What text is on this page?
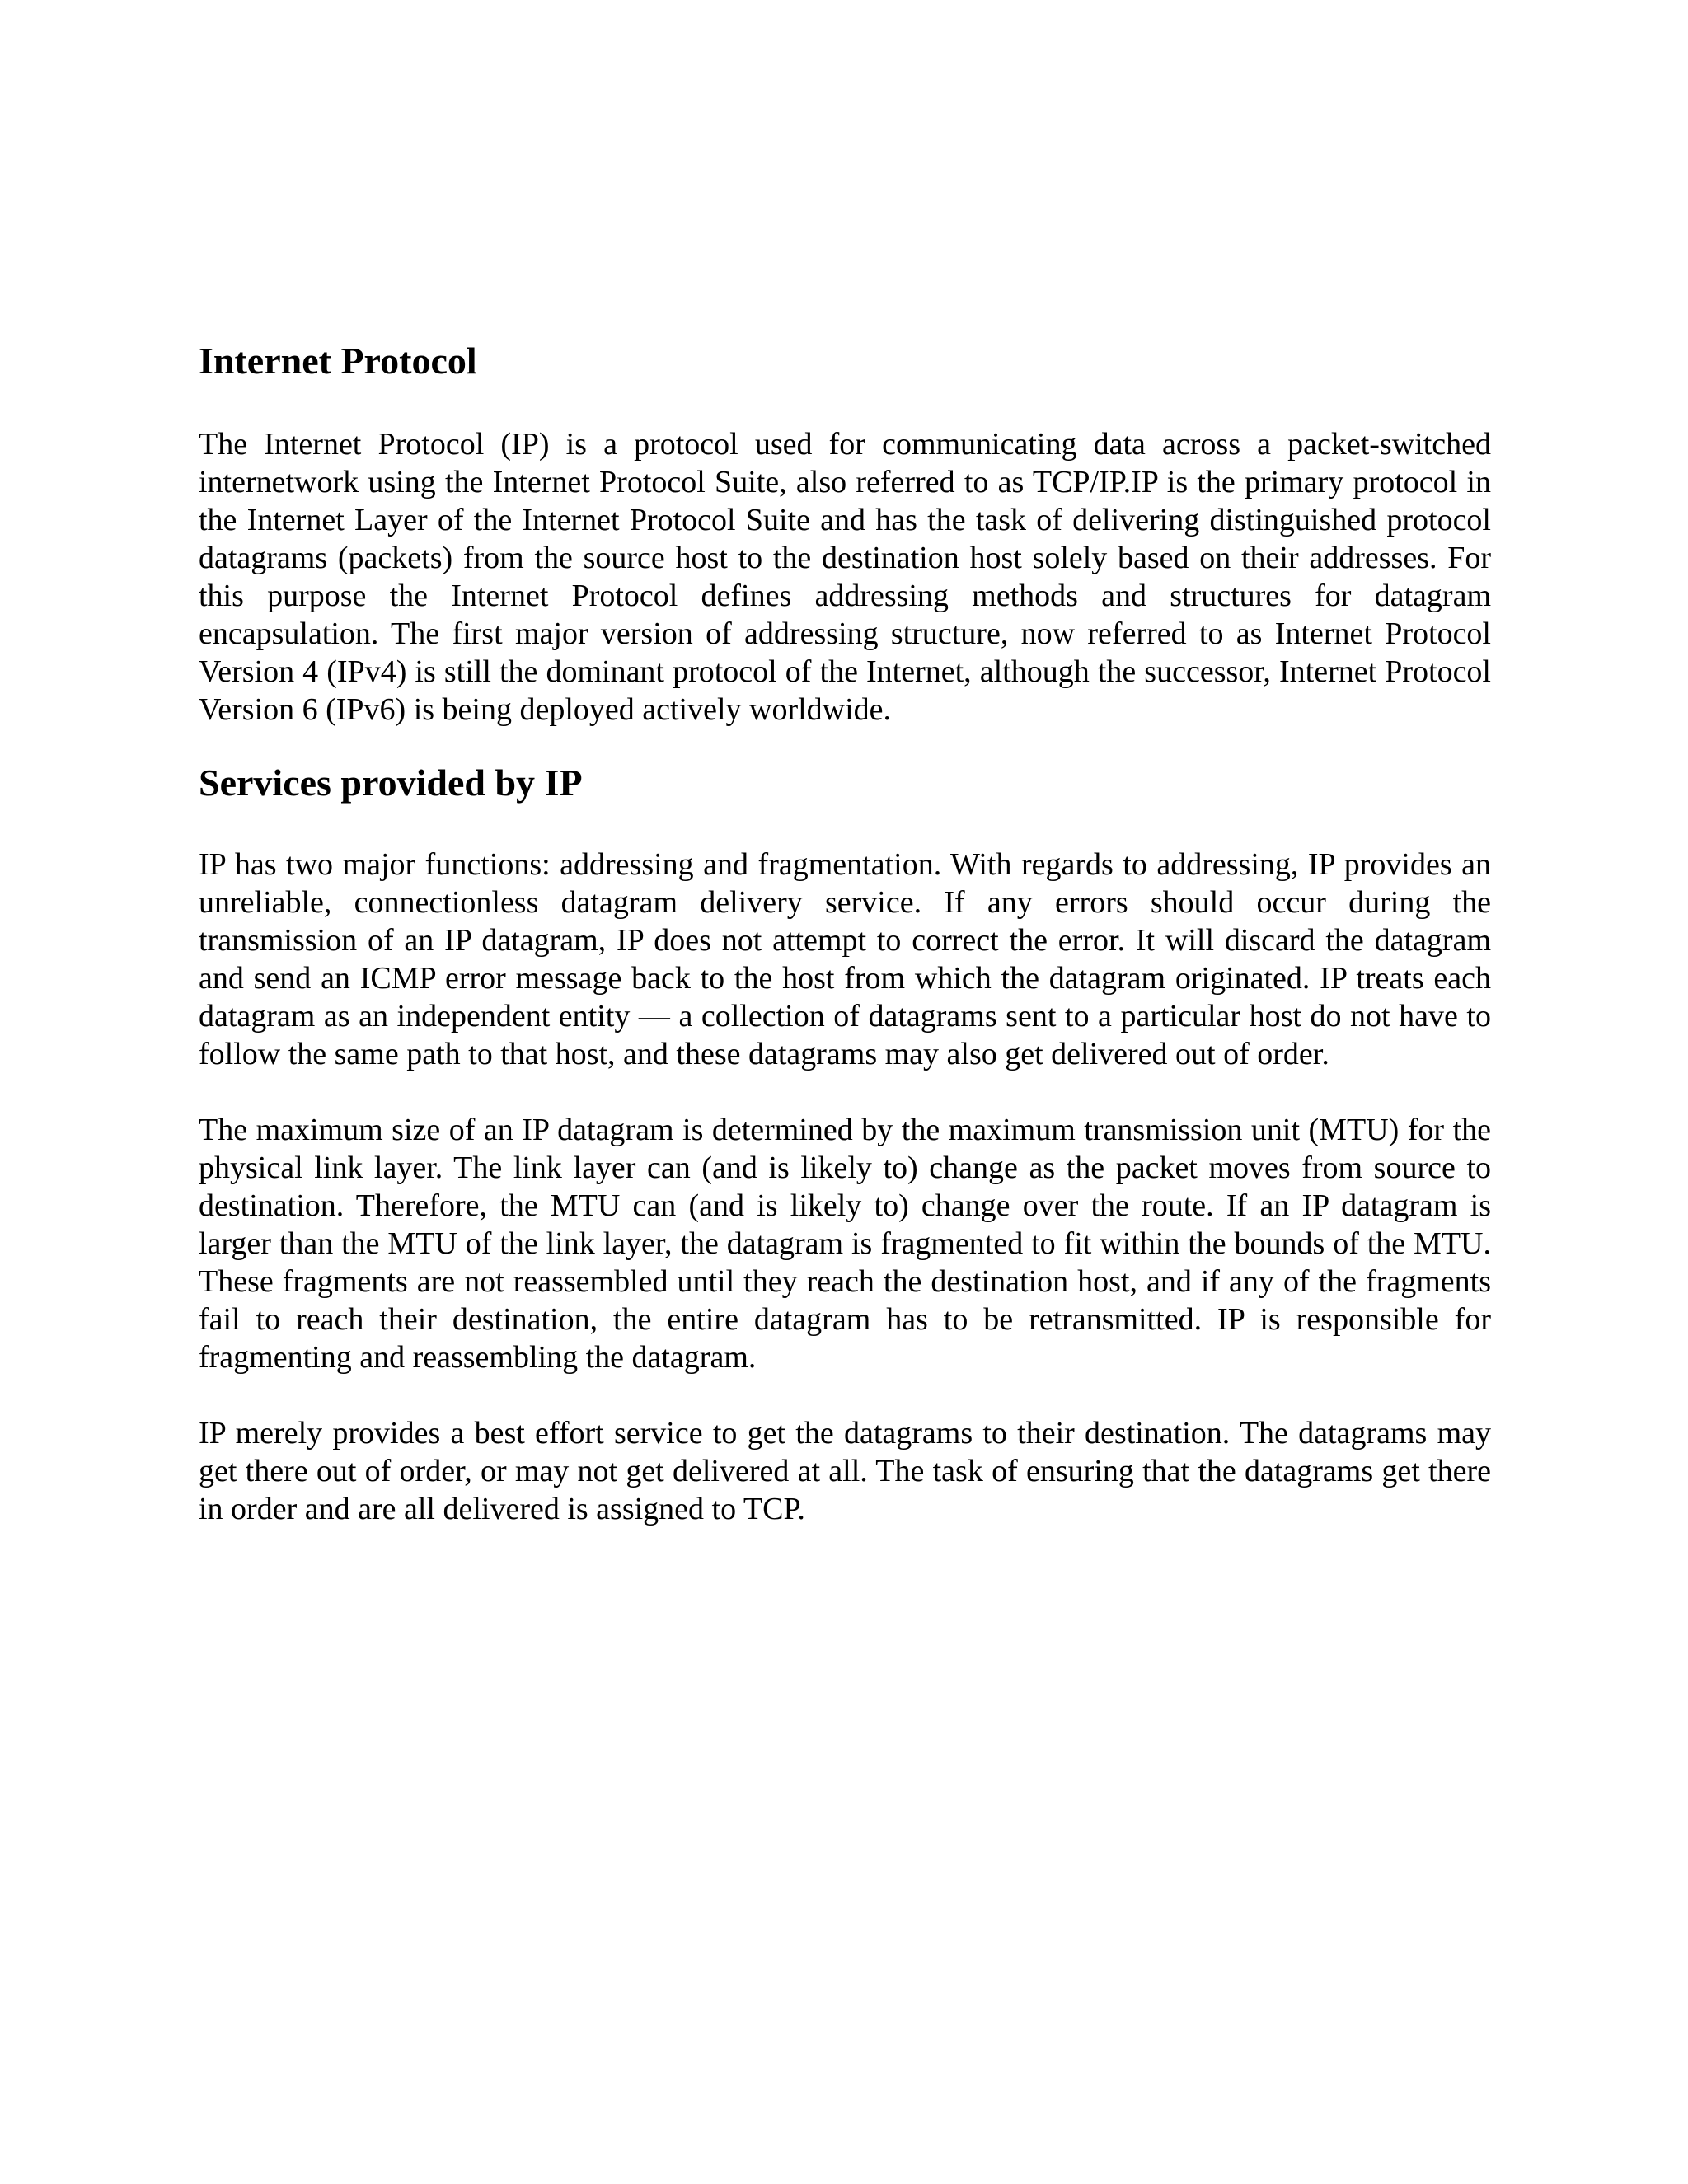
Internet Protocol

The Internet Protocol (IP) is a protocol used for communicating data across a packet-switched internetwork using the Internet Protocol Suite, also referred to as TCP/IP.IP is the primary protocol in the Internet Layer of the Internet Protocol Suite and has the task of delivering distinguished protocol datagrams (packets) from the source host to the destination host solely based on their addresses. For this purpose the Internet Protocol defines addressing methods and structures for datagram encapsulation. The first major version of addressing structure, now referred to as Internet Protocol Version 4 (IPv4) is still the dominant protocol of the Internet, although the successor, Internet Protocol Version 6 (IPv6) is being deployed actively worldwide.

Services provided by IP

IP has two major functions: addressing and fragmentation. With regards to addressing, IP provides an unreliable, connectionless datagram delivery service. If any errors should occur during the transmission of an IP datagram, IP does not attempt to correct the error. It will discard the datagram and send an ICMP error message back to the host from which the datagram originated. IP treats each datagram as an independent entity — a collection of datagrams sent to a particular host do not have to follow the same path to that host, and these datagrams may also get delivered out of order.

The maximum size of an IP datagram is determined by the maximum transmission unit (MTU) for the physical link layer. The link layer can (and is likely to) change as the packet moves from source to destination. Therefore, the MTU can (and is likely to) change over the route. If an IP datagram is larger than the MTU of the link layer, the datagram is fragmented to fit within the bounds of the MTU. These fragments are not reassembled until they reach the destination host, and if any of the fragments fail to reach their destination, the entire datagram has to be retransmitted. IP is responsible for fragmenting and reassembling the datagram.

IP merely provides a best effort service to get the datagrams to their destination. The datagrams may get there out of order, or may not get delivered at all. The task of ensuring that the datagrams get there in order and are all delivered is assigned to TCP.
